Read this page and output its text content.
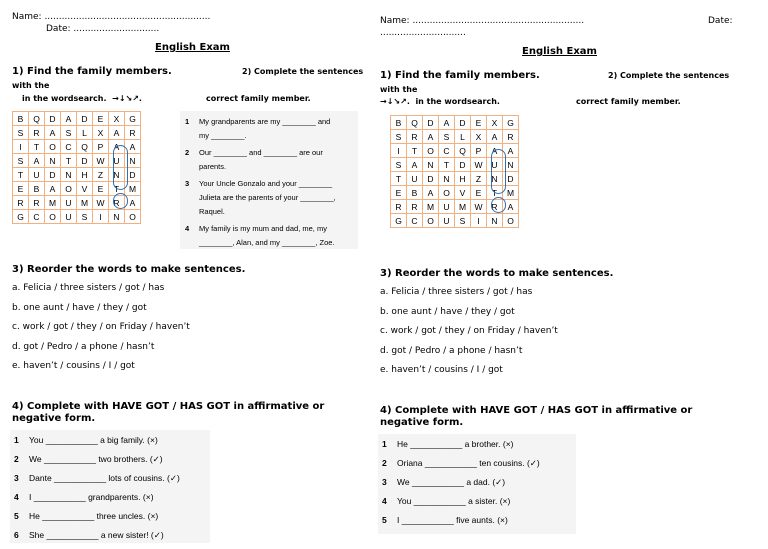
Name: ..........................................................
Date: ..............................
English Exam
1) Find the family members.
with the
in the wordsearch. →↓↘↗.
2) Complete the sentences
correct family member.
B	Q	D	A	D	E	X	G
S	R	A	S	L	X	A	R
I	T	O	C	Q	P	A	A
S	A	N	T	D	W	U	N
T	U	D	N	H	Z	N	D
E	B	A	O	V	E	T	M
R	R	M	U	M	W	R	A
G	C	O	U	S	I	N	O
1 My grandparents are my ________ and
my ________.
2 Our ________ and ________ are our
parents.
3 Your Uncle Gonzalo and your ________
Julieta are the parents of your ________,
Raquel.
4 My family is my mum and dad, me, my
________, Alan, and my ________, Zoe.
3) Reorder the words to make sentences.
a. Felicia / three sisters / got / has
b. one aunt / have / they / got
c. work / got / they / on Friday / haven’t
d. got / Pedro / a phone / hasn’t
e. haven’t / cousins / I / got
4) Complete with HAVE GOT / HAS GOT in affirmative or
negative form.
1 You ___________ a big family. (×)
2 We ___________ two brothers. (✓)
3 Dante ___________ lots of cousins. (✓)
4 I ___________ grandparents. (×)
5 He ___________ three uncles. (×)
6 She ___________ a new sister! (✓)
Name: ............................................................	Date:
..............................
English Exam
1) Find the family members.
with the
→↓↘↗. in the wordsearch.
2) Complete the sentences
correct family member.
B	Q	D	A	D	E	X	G
S	R	A	S	L	X	A	R
I	T	O	C	Q	P	A	A
S	A	N	T	D	W	U	N
T	U	D	N	H	Z	N	D
E	B	A	O	V	E	T	M
R	R	M	U	M	W	R	A
G	C	O	U	S	I	N	O
3) Reorder the words to make sentences.
a. Felicia / three sisters / got / has
b. one aunt / have / they / got
c. work / got / they / on Friday / haven’t
d. got / Pedro / a phone / hasn’t
e. haven’t / cousins / I / got
4) Complete with HAVE GOT / HAS GOT in affirmative or
negative form.
1 He ___________ a brother. (×)
2 Oriana ___________ ten cousins. (✓)
3 We ___________ a dad. (✓)
4 You ___________ a sister. (×)
5 I ___________ five aunts. (×)
